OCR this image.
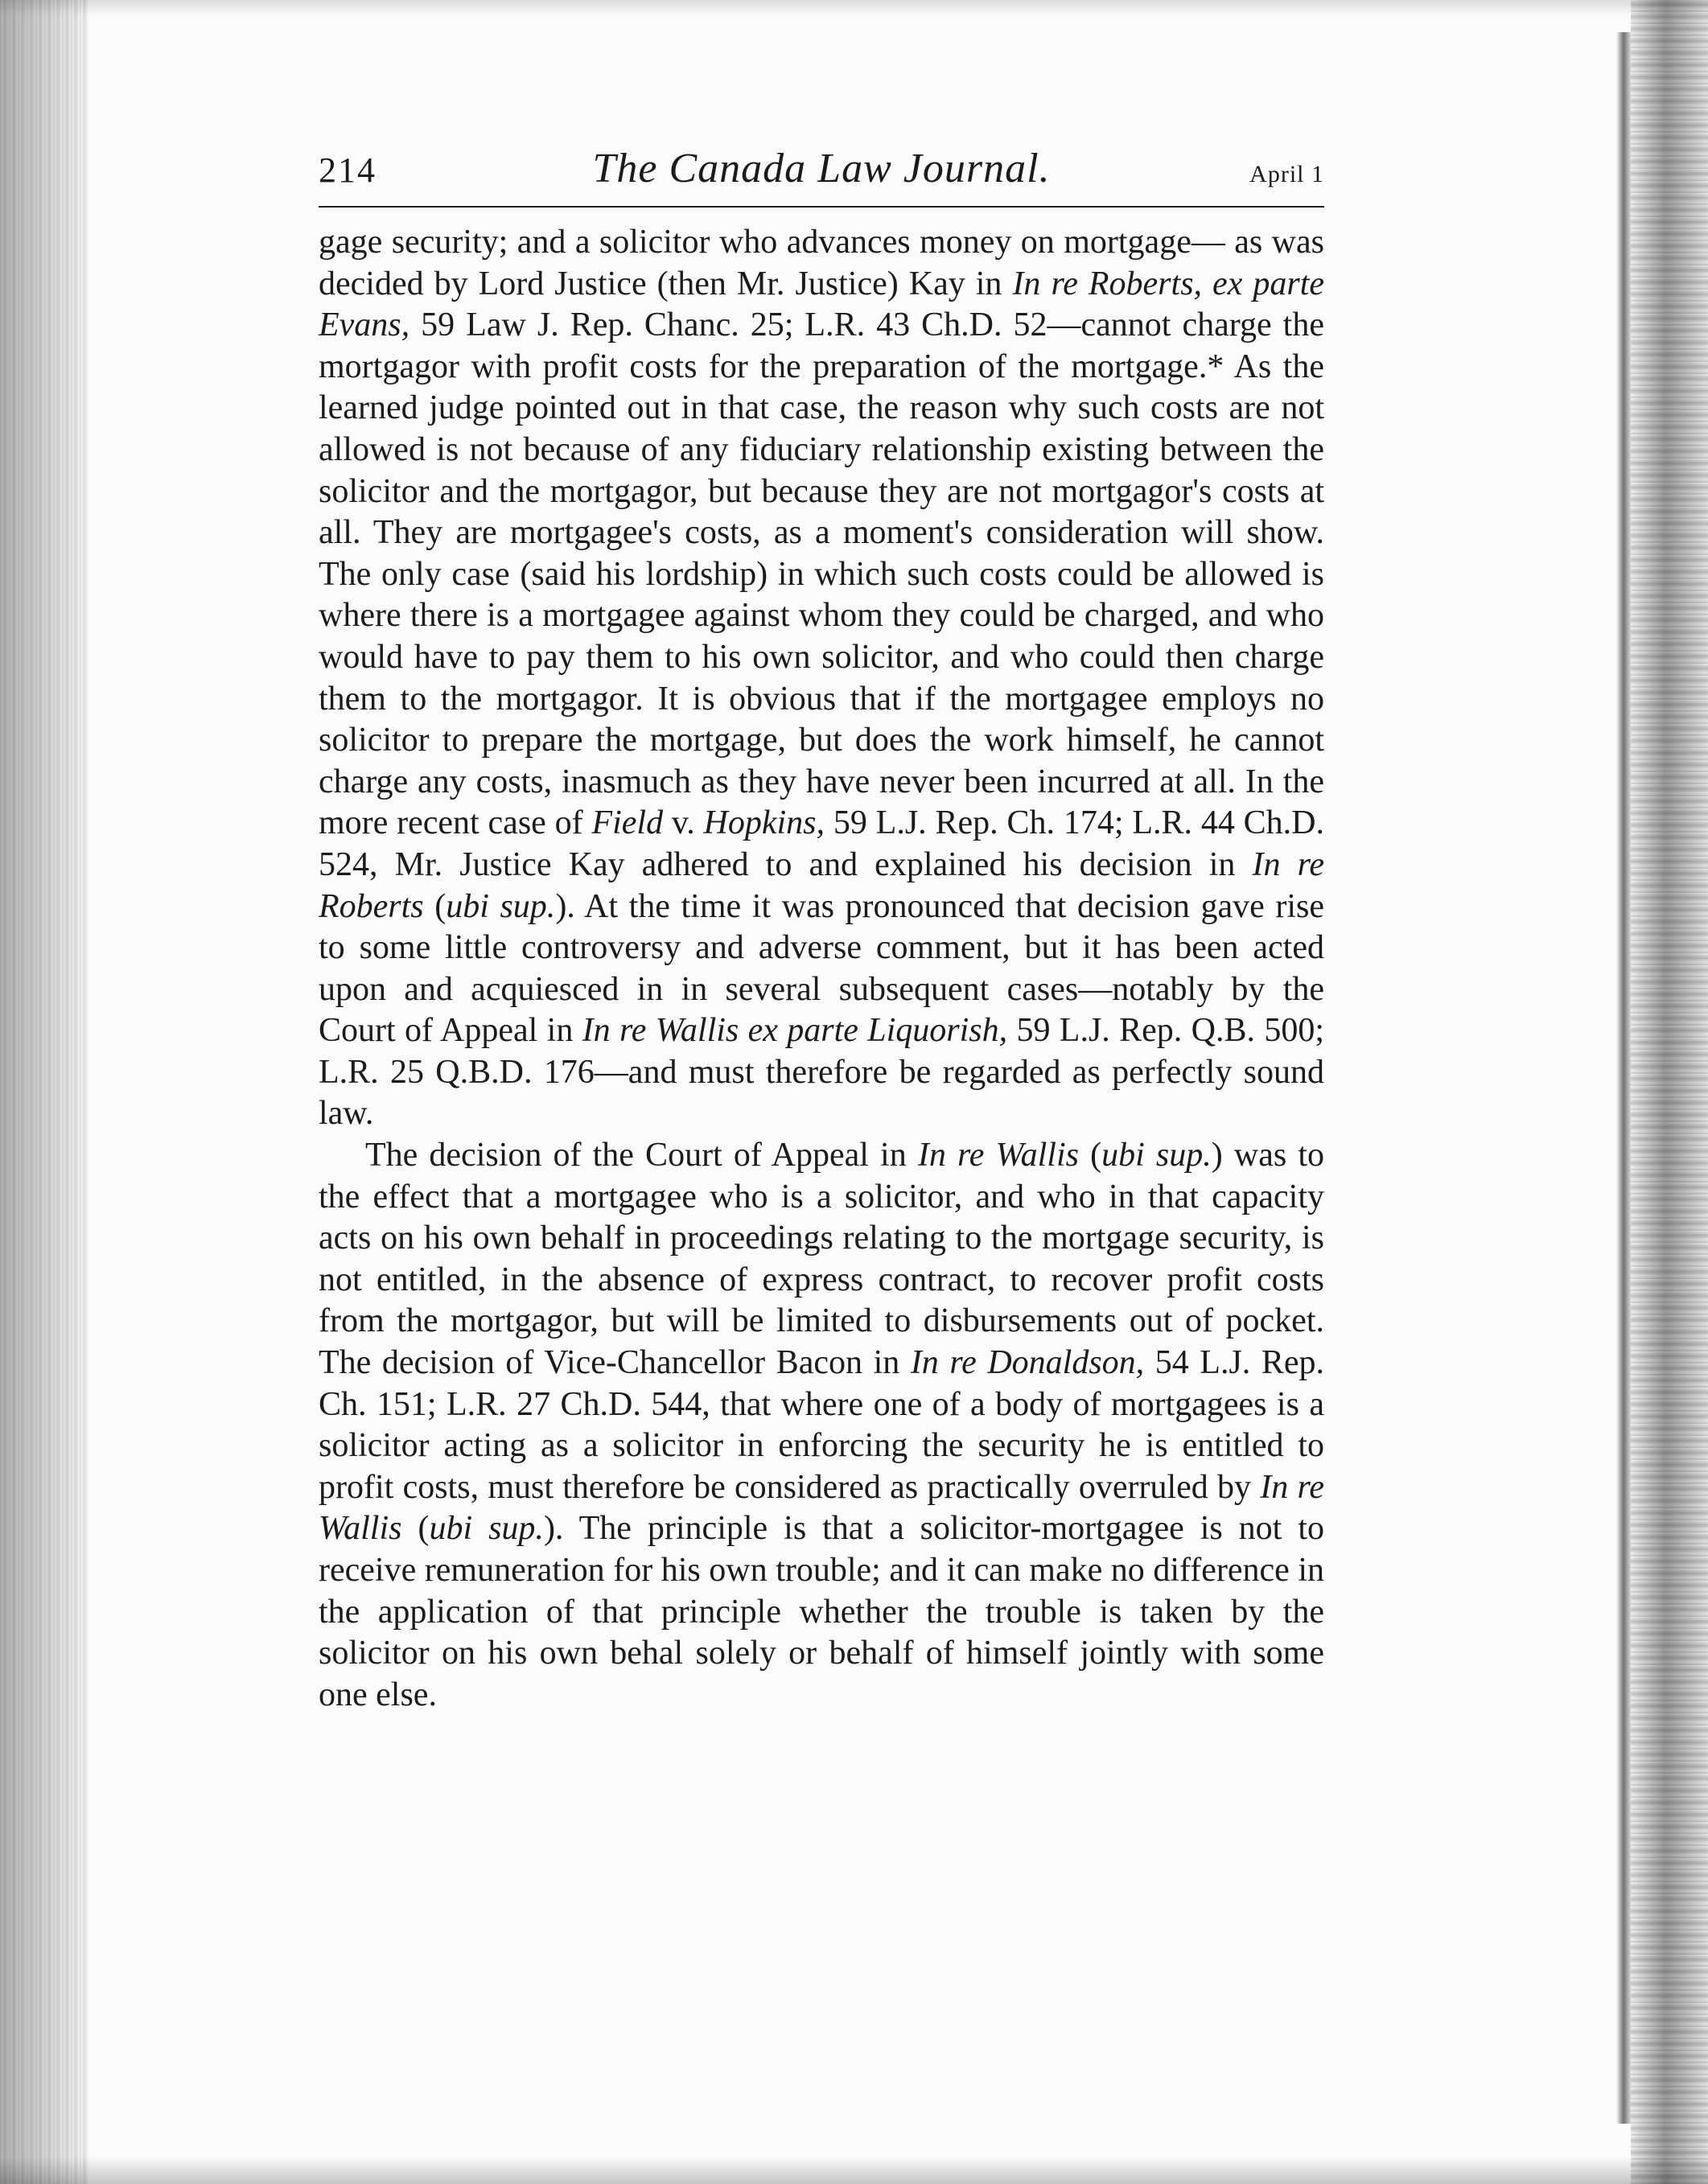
214	The Canada Law Journal.	April 1

gage security; and a solicitor who advances money on mortgage— as was decided by Lord Justice (then Mr. Justice) Kay in In re Roberts, ex parte Evans, 59 Law J. Rep. Chanc. 25; L.R. 43 Ch.D. 52—cannot charge the mortgagor with profit costs for the preparation of the mortgage.* As the learned judge pointed out in that case, the reason why such costs are not allowed is not because of any fiduciary relationship existing between the solicitor and the mortgagor, but because they are not mortgagor's costs at all. They are mortgagee's costs, as a moment's consideration will show. The only case (said his lordship) in which such costs could be allowed is where there is a mortgagee against whom they could be charged, and who would have to pay them to his own solicitor, and who could then charge them to the mortgagor. It is obvious that if the mortgagee employs no solicitor to prepare the mortgage, but does the work himself, he cannot charge any costs, inasmuch as they have never been incurred at all. In the more recent case of Field v. Hopkins, 59 L.J. Rep. Ch. 174; L.R. 44 Ch.D. 524, Mr. Justice Kay adhered to and explained his decision in In re Roberts (ubi sup.). At the time it was pronounced that decision gave rise to some little controversy and adverse comment, but it has been acted upon and acquiesced in in several subsequent cases—notably by the Court of Appeal in In re Wallis ex parte Liquorish, 59 L.J. Rep. Q.B. 500; L.R. 25 Q.B.D. 176—and must therefore be regarded as perfectly sound law.

The decision of the Court of Appeal in In re Wallis (ubi sup.) was to the effect that a mortgagee who is a solicitor, and who in that capacity acts on his own behalf in proceedings relating to the mortgage security, is not entitled, in the absence of express contract, to recover profit costs from the mortgagor, but will be limited to disbursements out of pocket. The decision of Vice-Chancellor Bacon in In re Donaldson, 54 L.J. Rep. Ch. 151; L.R. 27 Ch.D. 544, that where one of a body of mortgagees is a solicitor acting as a solicitor in enforcing the security he is entitled to profit costs, must therefore be considered as practically overruled by In re Wallis (ubi sup.). The principle is that a solicitor-mortgagee is not to receive remuneration for his own trouble; and it can make no difference in the application of that principle whether the trouble is taken by the solicitor on his own behal solely or behalf of himself jointly with some one else.
